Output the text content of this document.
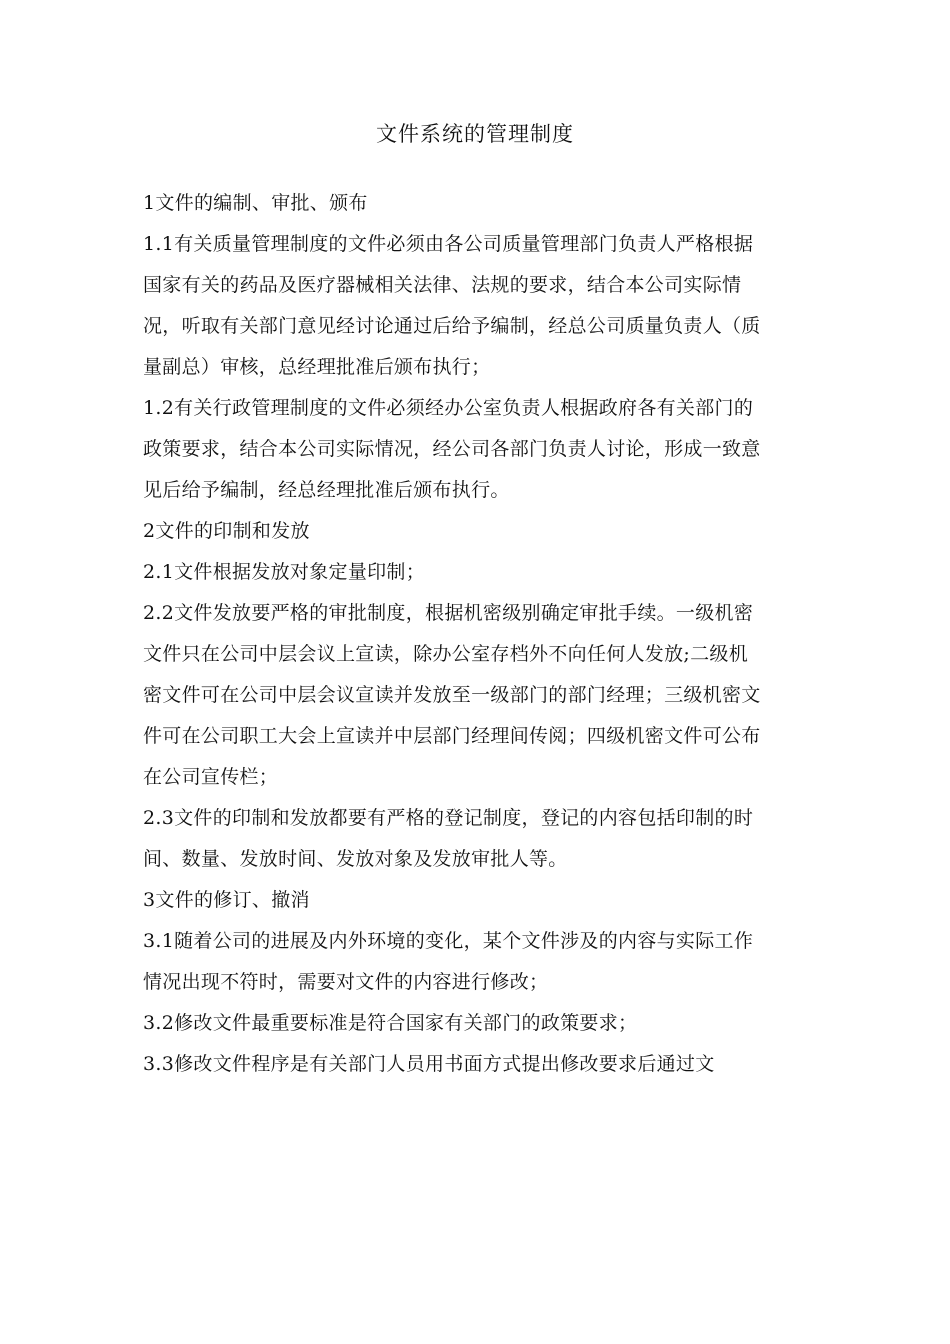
文件系统的管理制度
1文件的编制、审批、颁布
1.1有关质量管理制度的文件必须由各公司质量管理部门负责人严格根据
国家有关的药品及医疗器械相关法律、法规的要求，结合本公司实际情
况，听取有关部门意见经讨论通过后给予编制，经总公司质量负责人（质
量副总）审核，总经理批准后颁布执行；
1.2有关行政管理制度的文件必须经办公室负责人根据政府各有关部门的
政策要求，结合本公司实际情况，经公司各部门负责人讨论，形成一致意
见后给予编制，经总经理批准后颁布执行。
2文件的印制和发放
2.1文件根据发放对象定量印制；
2.2文件发放要严格的审批制度，根据机密级别确定审批手续。一级机密
文件只在公司中层会议上宣读，除办公室存档外不向任何人发放;二级机
密文件可在公司中层会议宣读并发放至一级部门的部门经理；三级机密文
件可在公司职工大会上宣读并中层部门经理间传阅；四级机密文件可公布
在公司宣传栏；
2.3文件的印制和发放都要有严格的登记制度，登记的内容包括印制的时
间、数量、发放时间、发放对象及发放审批人等。
3文件的修订、撤消
3.1随着公司的进展及内外环境的变化，某个文件涉及的内容与实际工作
情况出现不符时，需要对文件的内容进行修改；
3.2修改文件最重要标准是符合国家有关部门的政策要求；
3.3修改文件程序是有关部门人员用书面方式提出修改要求后通过文
